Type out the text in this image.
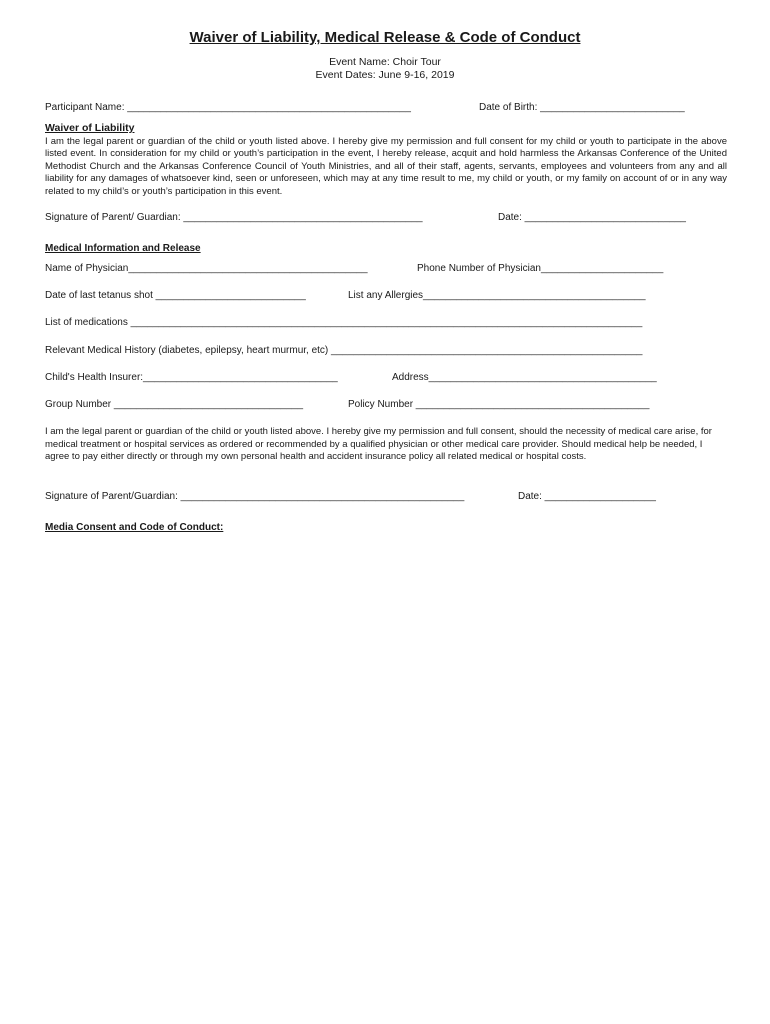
Waiver of Liability, Medical Release & Code of Conduct
Event Name: Choir Tour
Event Dates: June 9-16, 2019
Participant Name: ___________________________________________________	Date of Birth: __________________________
Waiver of Liability
I am the legal parent or guardian of the child or youth listed above. I hereby give my permission and full consent for my child or youth to participate in the above listed event. In consideration for my child or youth’s participation in the event, I hereby release, acquit and hold harmless the Arkansas Conference of the United Methodist Church and the Arkansas Conference Council of Youth Ministries, and all of their staff, agents, servants, employees and volunteers from any and all liability for any damages of whatsoever kind, seen or unforeseen, which may at any time result to me, my child or youth, or my family on account of or in any way related to my child’s or youth’s participation in this event.
Signature of Parent/ Guardian: ___________________________________________	Date: _____________________________
Medical Information and Release
Name of Physician___________________________________________	Phone Number of Physician______________________
Date of last tetanus shot ___________________________	List any Allergies________________________________________
List of medications ____________________________________________________________________________________________
Relevant Medical History (diabetes, epilepsy, heart murmur, etc) ________________________________________________________
Child's Health Insurer:___________________________________	Address_________________________________________
Group Number __________________________________	Policy Number __________________________________________
I am the legal parent or guardian of the child or youth listed above. I hereby give my permission and full consent, should the necessity of medical care arise, for medical treatment or hospital services as ordered or recommended by a qualified physician or other medical care provider. Should medical help be needed, I agree to pay either directly or through my own personal health and accident insurance policy all related medical or hospital costs.
Signature of Parent/Guardian: ___________________________________________________	Date: ____________________
Media Consent and Code of Conduct:
